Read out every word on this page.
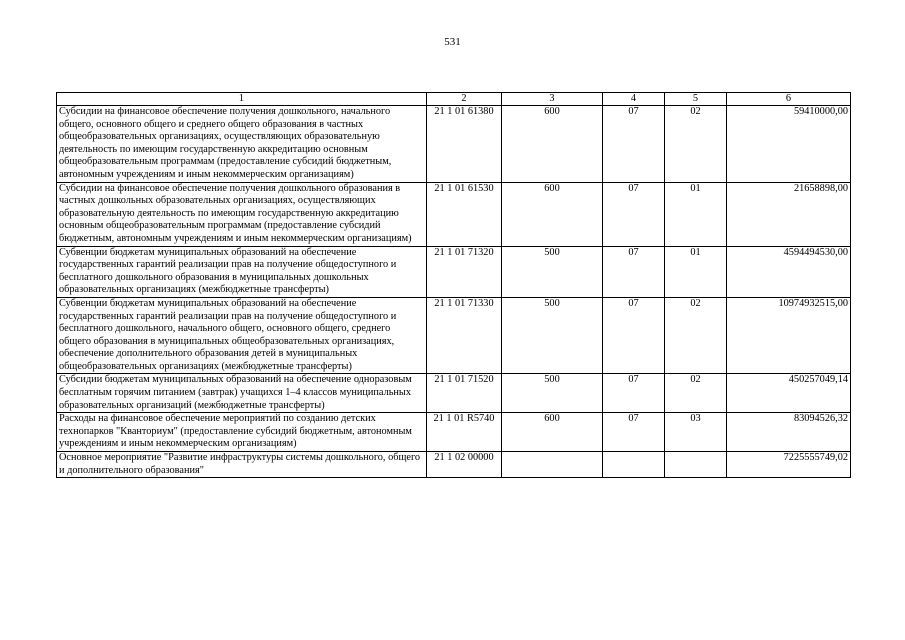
531
1	2	3	4	5	6
Субсидии на финансовое обеспечение получения дошкольного, начального общего, основного общего и среднего общего образования в частных общеобразовательных организациях, осуществляющих образовательную деятельность по имеющим государственную аккредитацию основным общеобразовательным программам (предоставление субсидий бюджетным, автономным учреждениям и иным некоммерческим организациям)	21 1 01 61380	600	07	02	59410000,00
Субсидии на финансовое обеспечение получения дошкольного образования в частных дошкольных образовательных организациях, осуществляющих образовательную деятельность по имеющим государственную аккредитацию основным общеобразовательным программам (предоставление субсидий бюджетным, автономным учреждениям и иным некоммерческим организациям)	21 1 01 61530	600	07	01	21658898,00
Субвенции бюджетам муниципальных образований на обеспечение государственных гарантий реализации прав на получение общедоступного и бесплатного дошкольного образования в муниципальных дошкольных образовательных организациях (межбюджетные трансферты)	21 1 01 71320	500	07	01	4594494530,00
Субвенции бюджетам муниципальных образований на обеспечение государственных гарантий реализации прав на получение общедоступного и бесплатного дошкольного, начального общего, основного общего, среднего общего образования в муниципальных общеобразовательных организациях, обеспечение дополнительного образования детей в муниципальных общеобразовательных организациях (межбюджетные трансферты)	21 1 01 71330	500	07	02	10974932515,00
Субсидии бюджетам муниципальных образований на обеспечение одноразовым бесплатным горячим питанием (завтрак) учащихся 1–4 классов муниципальных образовательных организаций (межбюджетные трансферты)	21 1 01 71520	500	07	02	450257049,14
Расходы на финансовое обеспечение мероприятий по созданию детских технопарков "Кванториум" (предоставление субсидий бюджетным, автономным учреждениям и иным некоммерческим организациям)	21 1 01 R5740	600	07	03	83094526,32
Основное мероприятие "Развитие инфраструктуры системы дошкольного, общего и дополнительного образования"	21 1 02 00000				7225555749,02
